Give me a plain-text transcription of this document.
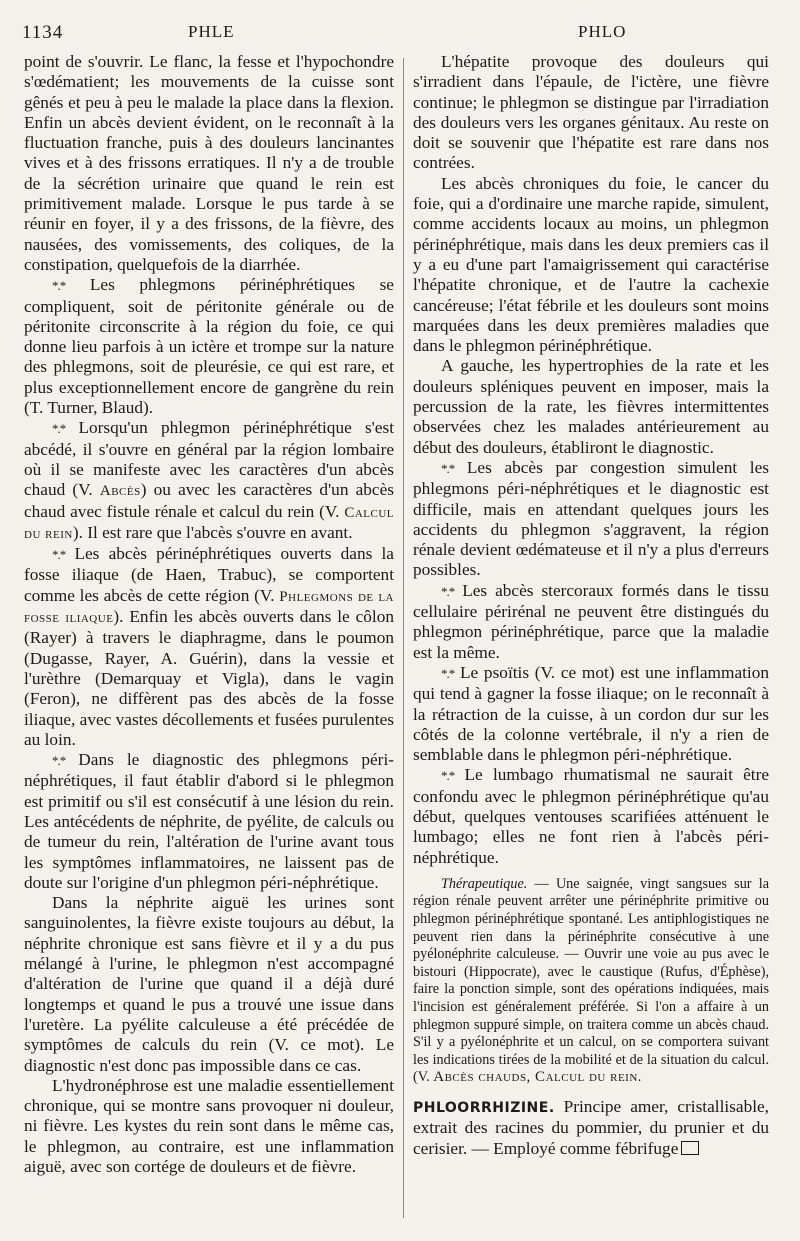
1134	PHLE	PHLO

point de s'ouvrir. Le flanc, la fesse et l'hypochondre s'œdématient; les mouvements de la cuisse sont gênés et peu à peu le malade la place dans la flexion. Enfin un abcès devient évident, on le reconnaît à la fluctuation franche, puis à des douleurs lancinantes vives et à des frissons erratiques. Il n'y a de trouble de la sécrétion urinaire que quand le rein est primitivement malade. Lorsque le pus tarde à se réunir en foyer, il y a des frissons, de la fièvre, des nausées, des vomissements, des coliques, de la constipation, quelquefois de la diarrhée.

*.* Les phlegmons périnéphrétiques se compliquent, soit de péritonite générale ou de péritonite circonscrite à la région du foie, ce qui donne lieu parfois à un ictère et trompe sur la nature des phlegmons, soit de pleurésie, ce qui est rare, et plus exceptionnellement encore de gangrène du rein (T. Turner, Blaud).

*.* Lorsqu'un phlegmon périnéphrétique s'est abcédé, il s'ouvre en général par la région lombaire où il se manifeste avec les caractères d'un abcès chaud (V. Abcès) ou avec les caractères d'un abcès chaud avec fistule rénale et calcul du rein (V. Calcul du rein). Il est rare que l'abcès s'ouvre en avant.

*.* Les abcès périnéphrétiques ouverts dans la fosse iliaque (de Haen, Trabuc), se comportent comme les abcès de cette région (V. Phlegmons de la fosse iliaque). Enfin les abcès ouverts dans le côlon (Rayer) à travers le diaphragme, dans le poumon (Dugasse, Rayer, A. Guérin), dans la vessie et l'urèthre (Demarquay et Vigla), dans le vagin (Feron), ne diffèrent pas des abcès de la fosse iliaque, avec vastes décollements et fusées purulentes au loin.

*.* Dans le diagnostic des phlegmons péri-néphrétiques, il faut établir d'abord si le phlegmon est primitif ou s'il est consécutif à une lésion du rein. Les antécédents de néphrite, de pyélite, de calculs ou de tumeur du rein, l'altération de l'urine avant tous les symptômes inflammatoires, ne laissent pas de doute sur l'origine d'un phlegmon péri-néphrétique.

Dans la néphrite aiguë les urines sont sanguinolentes, la fièvre existe toujours au début, la néphrite chronique est sans fièvre et il y a du pus mélangé à l'urine, le phlegmon n'est accompagné d'altération de l'urine que quand il a déjà duré longtemps et quand le pus a trouvé une issue dans l'uretère. La pyélite calculeuse a été précédée de symptômes de calculs du rein (V. ce mot). Le diagnostic n'est donc pas impossible dans ce cas.

L'hydronéphrose est une maladie essentiellement chronique, qui se montre sans provoquer ni douleur, ni fièvre. Les kystes du rein sont dans le même cas, le phlegmon, au contraire, est une inflammation aiguë, avec son cortége de douleurs et de fièvre.

L'hépatite provoque des douleurs qui s'irradient dans l'épaule, de l'ictère, une fièvre continue; le phlegmon se distingue par l'irradiation des douleurs vers les organes génitaux. Au reste on doit se souvenir que l'hépatite est rare dans nos contrées.

Les abcès chroniques du foie, le cancer du foie, qui a d'ordinaire une marche rapide, simulent, comme accidents locaux au moins, un phlegmon périnéphrétique, mais dans les deux premiers cas il y a eu d'une part l'amaigrissement qui caractérise l'hépatite chronique, et de l'autre la cachexie cancéreuse; l'état fébrile et les douleurs sont moins marquées dans les deux premières maladies que dans le phlegmon périnéphrétique.

A gauche, les hypertrophies de la rate et les douleurs spléniques peuvent en imposer, mais la percussion de la rate, les fièvres intermittentes observées chez les malades antérieurement au début des douleurs, établiront le diagnostic.

*.* Les abcès par congestion simulent les phlegmons péri-néphrétiques et le diagnostic est difficile, mais en attendant quelques jours les accidents du phlegmon s'aggravent, la région rénale devient œdémateuse et il n'y a plus d'erreurs possibles.

*.* Les abcès stercoraux formés dans le tissu cellulaire périrénal ne peuvent être distingués du phlegmon périnéphrétique, parce que la maladie est la même.

*.* Le psoïtis (V. ce mot) est une inflammation qui tend à gagner la fosse iliaque; on le reconnaît à la rétraction de la cuisse, à un cordon dur sur les côtés de la colonne vertébrale, il n'y a rien de semblable dans le phlegmon péri-néphrétique.

*.* Le lumbago rhumatismal ne saurait être confondu avec le phlegmon périnéphrétique qu'au début, quelques ventouses scarifiées atténuent le lumbago; elles ne font rien à l'abcès péri-néphrétique.

Thérapeutique. — Une saignée, vingt sangsues sur la région rénale peuvent arrêter une périnéphrite primitive ou phlegmon périnéphrétique spontané. Les antiphlogistiques ne peuvent rien dans la périnéphrite consécutive à une pyélonéphrite calculeuse. — Ouvrir une voie au pus avec le bistouri (Hippocrate), avec le caustique (Rufus, d'Éphèse), faire la ponction simple, sont des opérations indiquées, mais l'incision est généralement préférée. Si l'on a affaire à un phlegmon suppuré simple, on traitera comme un abcès chaud. S'il y a pyélonéphrite et un calcul, on se comportera suivant les indications tirées de la mobilité et de la situation du calcul. (V. Abcès chauds, Calcul du rein.

PHLOORRHIZINE. Principe amer, cristallisable, extrait des racines du pommier, du prunier et du cerisier. — Employé comme fébrifuge
